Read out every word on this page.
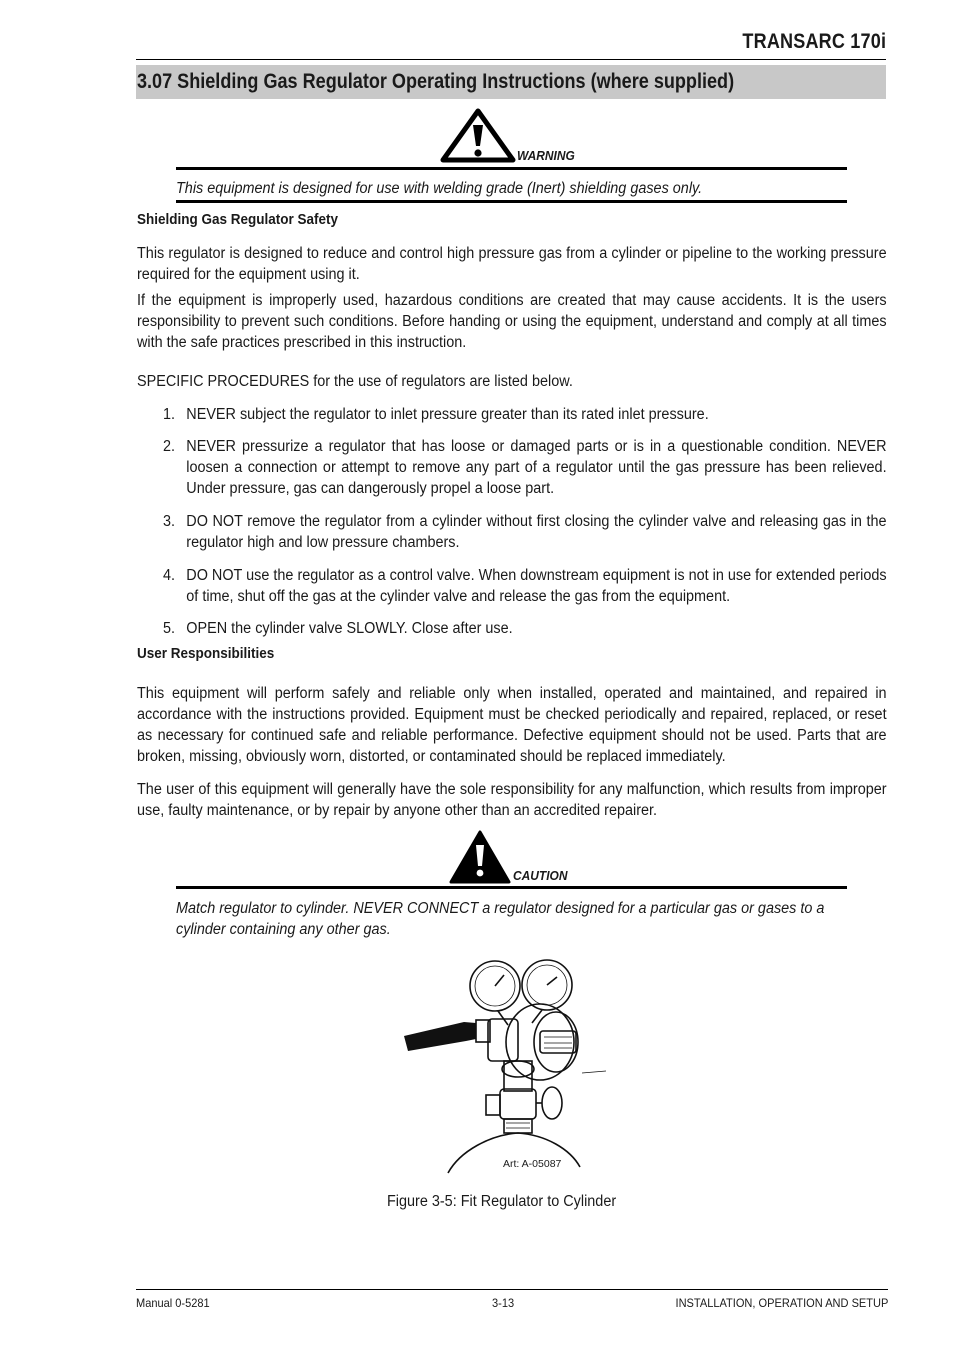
TRANSARC 170i
3.07 Shielding Gas Regulator Operating Instructions (where supplied)
WARNING
This equipment is designed for use with welding grade (Inert) shielding gases only.
Shielding Gas Regulator Safety
This regulator is designed to reduce and control high pressure gas from a cylinder or pipeline to the working pressure required for the equipment using it.
If the equipment is improperly used, hazardous conditions are created that may cause accidents. It is the users responsibility to prevent such conditions. Before handing or using the equipment, understand and comply at all times with the safe practices prescribed in this instruction.
SPECIFIC PROCEDURES for the use of regulators are listed below.
1. NEVER subject the regulator to inlet pressure greater than its rated inlet pressure.
2. NEVER pressurize a regulator that has loose or damaged parts or is in a questionable condition. NEVER loosen a connection or attempt to remove any part of a regulator until the gas pressure has been relieved. Under pressure, gas can dangerously propel a loose part.
3. DO NOT remove the regulator from a cylinder without first closing the cylinder valve and releasing gas in the regulator high and low pressure chambers.
4. DO NOT use the regulator as a control valve. When downstream equipment is not in use for extended periods of time, shut off the gas at the cylinder valve and release the gas from the equipment.
5. OPEN the cylinder valve SLOWLY. Close after use.
User Responsibilities
This equipment will perform safely and reliable only when installed, operated and maintained, and repaired in accordance with the instructions provided. Equipment must be checked periodically and repaired, replaced, or reset as necessary for continued safe and reliable performance. Defective equipment should not be used. Parts that are broken, missing, obviously worn, distorted, or contaminated should be replaced immediately.
The user of this equipment will generally have the sole responsibility for any malfunction, which results from improper use, faulty maintenance, or by repair by anyone other than an accredited repairer.
CAUTION
Match regulator to cylinder. NEVER CONNECT a regulator designed for a particular gas or gases to a cylinder containing any other gas.
Art: A-05087
Figure 3-5: Fit Regulator to Cylinder
Manual 0-5281	3-13	INSTALLATION, OPERATION AND SETUP
